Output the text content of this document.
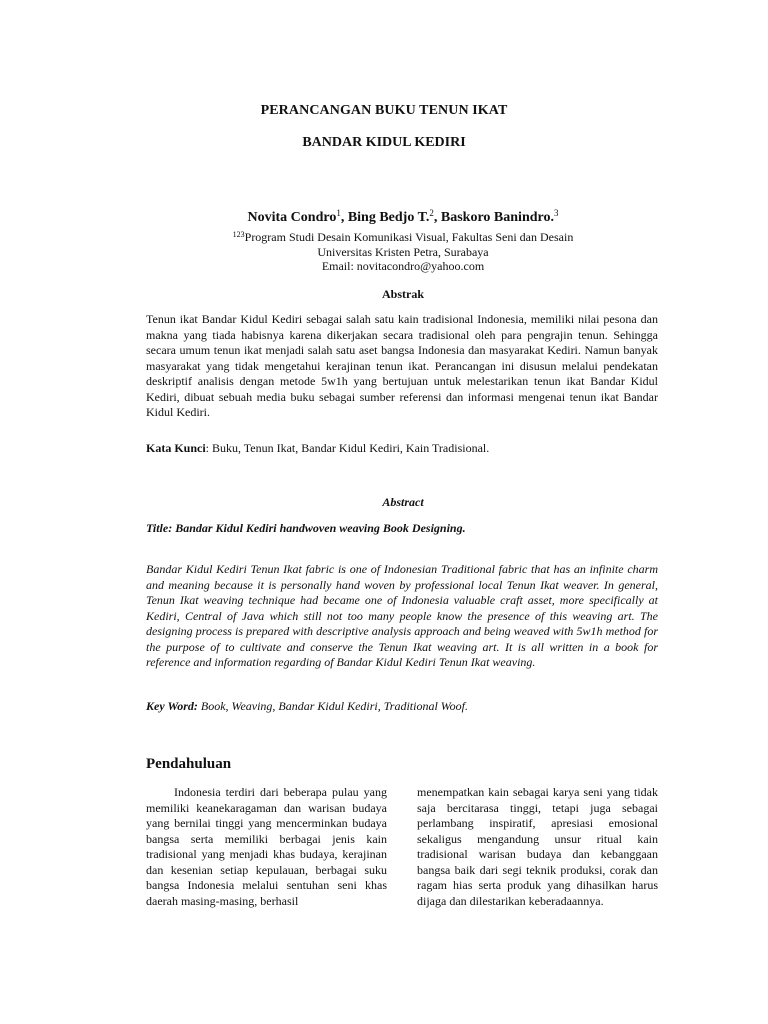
PERANCANGAN BUKU TENUN IKAT
BANDAR KIDUL KEDIRI
Novita Condro$^1$, Bing Bedjo T.$^2$, Baskoro Banindro.$^3$
$^{123}$Program Studi Desain Komunikasi Visual, Fakultas Seni dan Desain
Universitas Kristen Petra, Surabaya
Email: novitacondro@yahoo.com
Abstrak
Tenun ikat Bandar Kidul Kediri sebagai salah satu kain tradisional Indonesia, memiliki nilai pesona dan makna yang tiada habisnya karena dikerjakan secara tradisional oleh para pengrajin tenun. Sehingga secara umum tenun ikat menjadi salah satu aset bangsa Indonesia dan masyarakat Kediri. Namun banyak masyarakat yang tidak mengetahui kerajinan tenun ikat. Perancangan ini disusun melalui pendekatan deskriptif analisis dengan metode 5w1h yang bertujuan untuk melestarikan tenun ikat Bandar Kidul Kediri, dibuat sebuah media buku sebagai sumber referensi dan informasi mengenai tenun ikat Bandar Kidul Kediri.
Kata Kunci: Buku, Tenun Ikat, Bandar Kidul Kediri, Kain Tradisional.
Abstract
Title: Bandar Kidul Kediri handwoven weaving Book Designing.
Bandar Kidul Kediri Tenun Ikat fabric is one of Indonesian Traditional fabric that has an infinite charm and meaning because it is personally hand woven by professional local Tenun Ikat weaver. In general, Tenun Ikat weaving technique had became one of Indonesia valuable craft asset, more specifically at Kediri, Central of Java which still not too many people know the presence of this weaving art. The designing process is prepared with descriptive analysis approach and being weaved with 5w1h method for the purpose of to cultivate and conserve the Tenun Ikat weaving art. It is all written in a book for reference and information regarding of Bandar Kidul Kediri Tenun Ikat weaving.
Key Word: Book, Weaving, Bandar Kidul Kediri, Traditional Woof.
Pendahuluan
Indonesia terdiri dari beberapa pulau yang memiliki keanekaragaman dan warisan budaya yang bernilai tinggi yang mencerminkan budaya bangsa serta memiliki berbagai jenis kain tradisional yang menjadi khas budaya, kerajinan dan kesenian setiap kepulauan, berbagai suku bangsa Indonesia melalui sentuhan seni khas daerah masing-masing, berhasil
menempatkan kain sebagai karya seni yang tidak saja bercitarasa tinggi, tetapi juga sebagai perlambang inspiratif, apresiasi emosional sekaligus mengandung unsur ritual kain tradisional warisan budaya dan kebanggaan bangsa baik dari segi teknik produksi, corak dan ragam hias serta produk yang dihasilkan harus dijaga dan dilestarikan keberadaannya.
